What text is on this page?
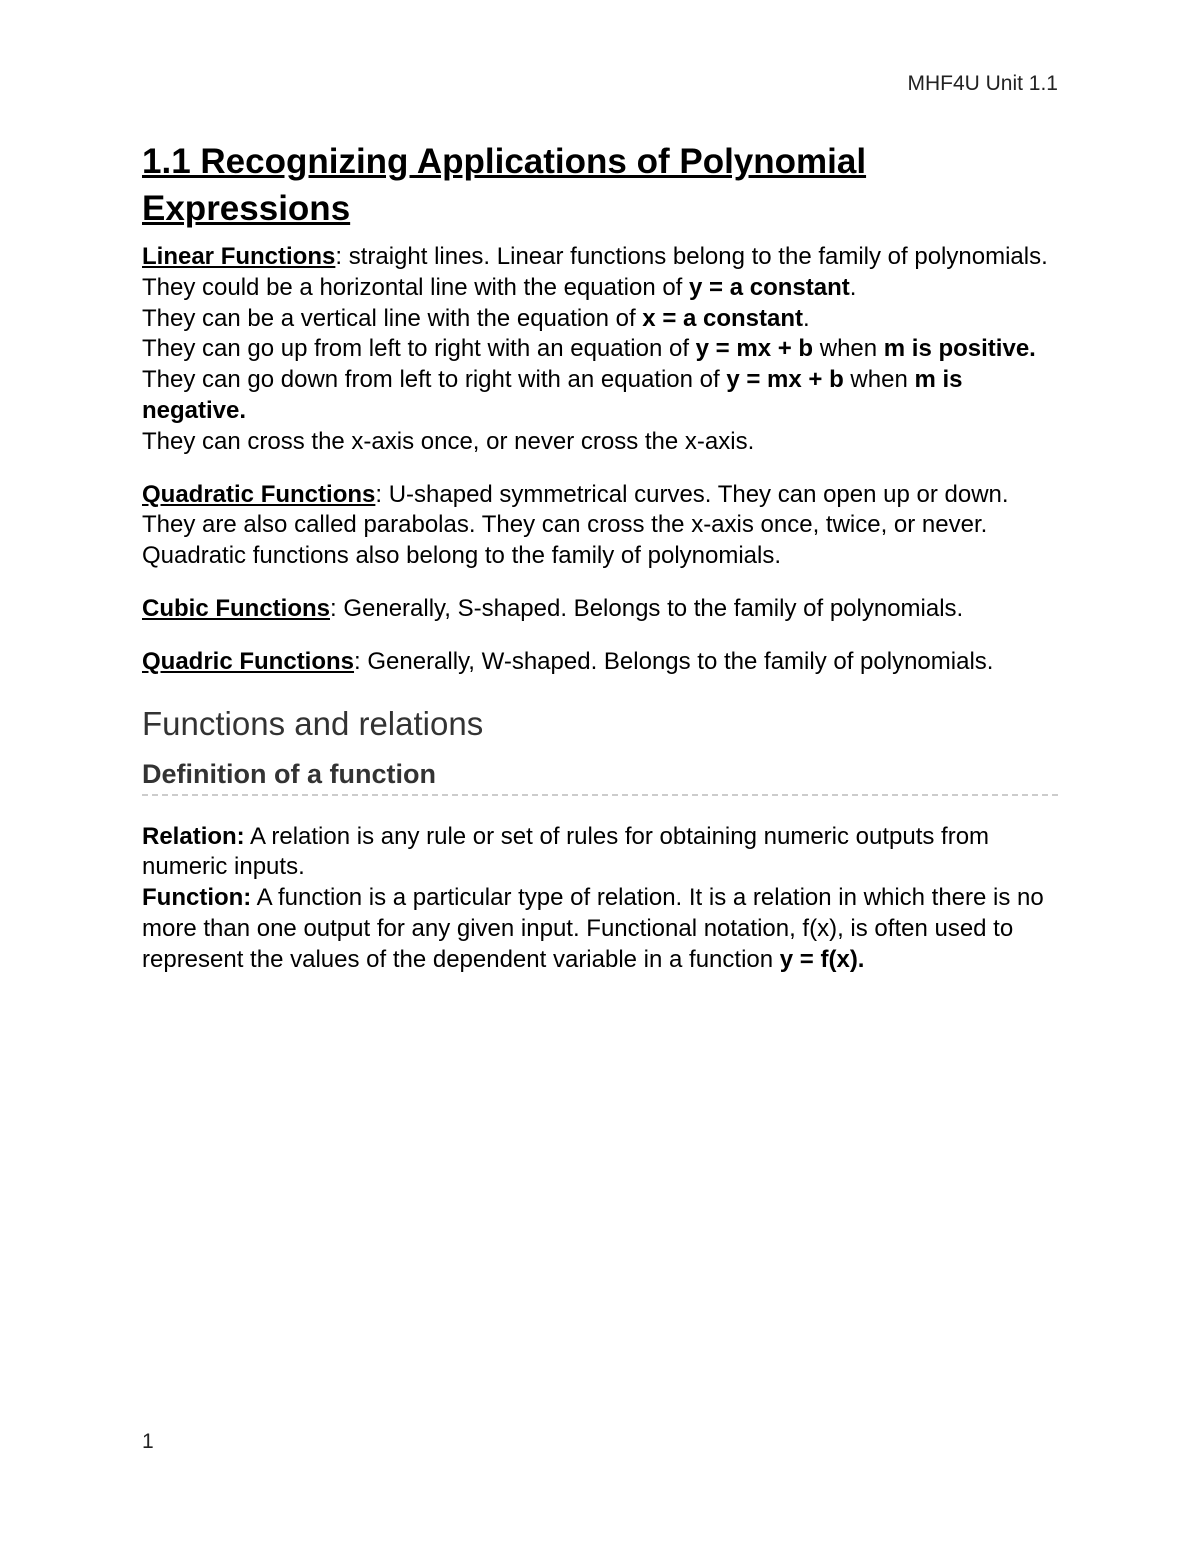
MHF4U Unit 1.1
1.1 Recognizing Applications of Polynomial Expressions

Linear Functions: straight lines. Linear functions belong to the family of polynomials.

They could be a horizontal line with the equation of y = a constant.

They can be a vertical line with the equation of x = a constant.

They can go up from left to right with an equation of y = mx + b when m is positive.

They can go down from left to right with an equation of y = mx + b when m is negative.

They can cross the x-axis once, or never cross the x-axis.

Quadratic Functions: U-shaped symmetrical curves. They can open up or down. They are also called parabolas. They can cross the x-axis once, twice, or never. Quadratic functions also belong to the family of polynomials.

Cubic Functions: Generally, S-shaped. Belongs to the family of polynomials.

Quadric Functions: Generally, W-shaped. Belongs to the family of polynomials.

Functions and relations
Definition of a function

Relation: A relation is any rule or set of rules for obtaining numeric outputs from numeric inputs.

Function: A function is a particular type of relation. It is a relation in which there is no more than one output for any given input. Functional notation, f(x), is often used to represent the values of the dependent variable in a function y = f(x).

1
